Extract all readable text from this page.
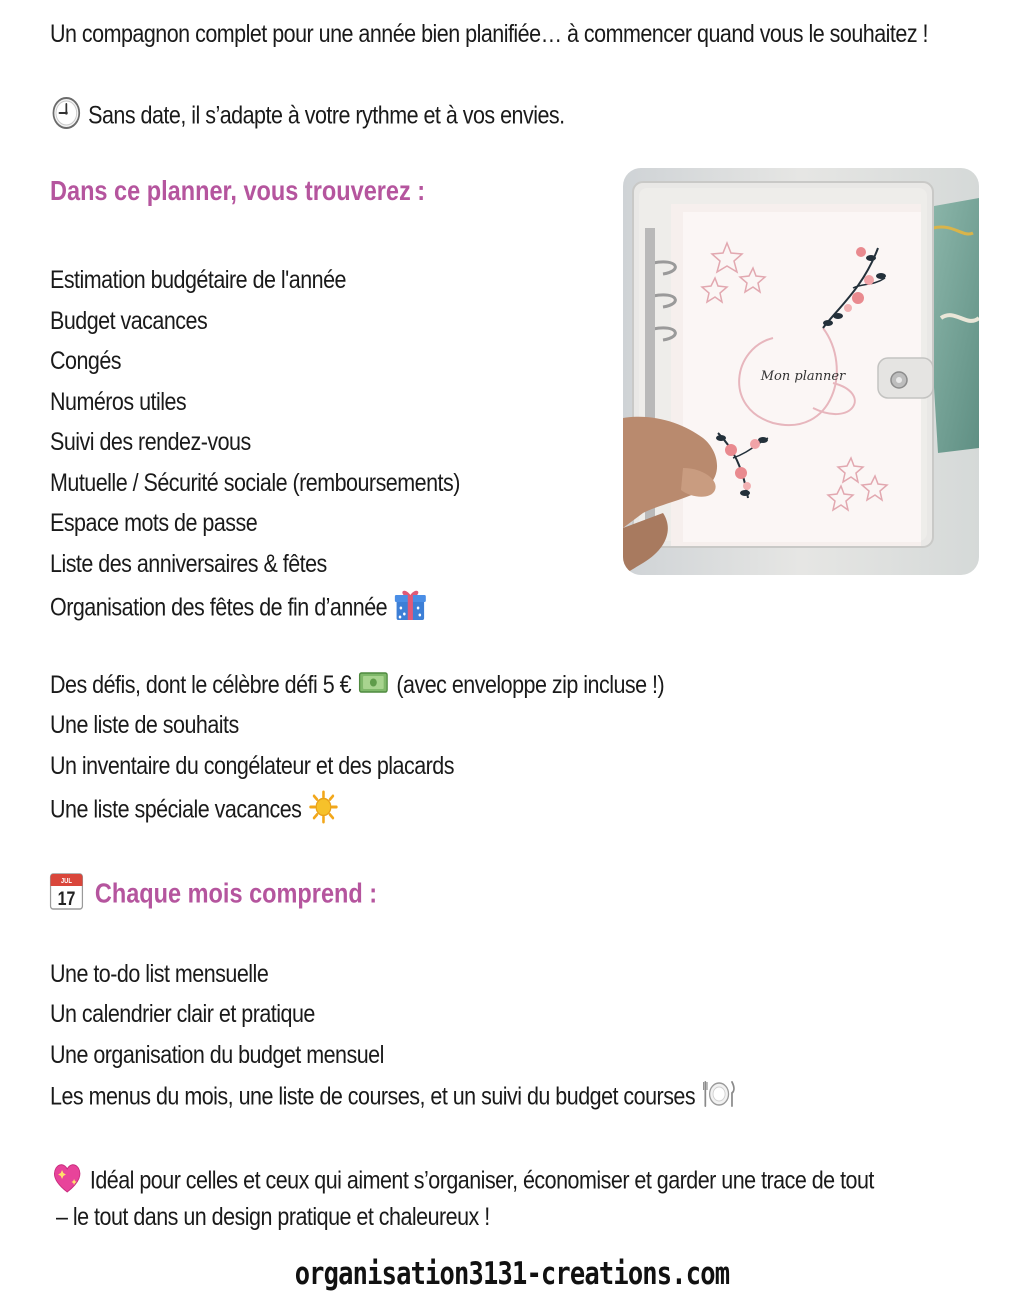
Un compagnon complet pour une année bien planifiée… à commencer quand vous le souhaitez !
Sans date, il s’adapte à votre rythme et à vos envies.
Dans ce planner, vous trouverez :
Estimation budgétaire de l'année
Budget vacances
Congés
Numéros utiles
Suivi des rendez-vous
Mutuelle / Sécurité sociale (remboursements)
Espace mots de passe
Liste des anniversaires & fêtes
Organisation des fêtes de fin d’année
Des défis, dont le célèbre défi 5 € (avec enveloppe zip incluse !)
Une liste de souhaits
Un inventaire du congélateur et des placards
Une liste spéciale vacances
JUL
17 Chaque mois comprend :
Une to-do list mensuelle
Un calendrier clair et pratique
Une organisation du budget mensuel
Les menus du mois, une liste de courses, et un suivi du budget courses
Idéal pour celles et ceux qui aiment s’organiser, économiser et garder une trace de tout
– le tout dans un design pratique et chaleureux !
organisation3131-creations.com
Mon planner
